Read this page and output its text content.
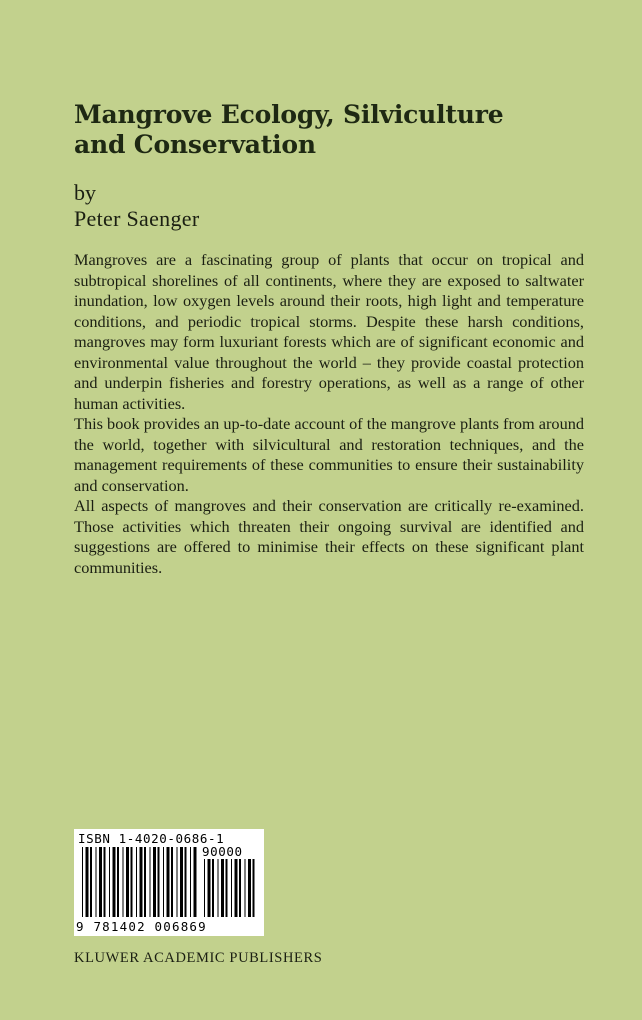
Mangrove Ecology, Silviculture
and Conservation
by
Peter Saenger

Mangroves are a fascinating group of plants that occur on tropical and subtropical shorelines of all continents, where they are exposed to saltwater inundation, low oxygen levels around their roots, high light and temperature conditions, and periodic tropical storms. Despite these harsh conditions, mangroves may form luxuriant forests which are of significant economic and environmental value throughout the world – they provide coastal protection and underpin fisheries and forestry operations, as well as a range of other human activities.

This book provides an up-to-date account of the mangrove plants from around the world, together with silvicultural and restoration techniques, and the management requirements of these communities to ensure their sustainability and conservation.

All aspects of mangroves and their conservation are critically re-examined. Those activities which threaten their ongoing survival are identified and suggestions are offered to minimise their effects on these significant plant communities.

ISBN 1-4020-0686-1
90000
9 781402 006869
KLUWER ACADEMIC PUBLISHERS
